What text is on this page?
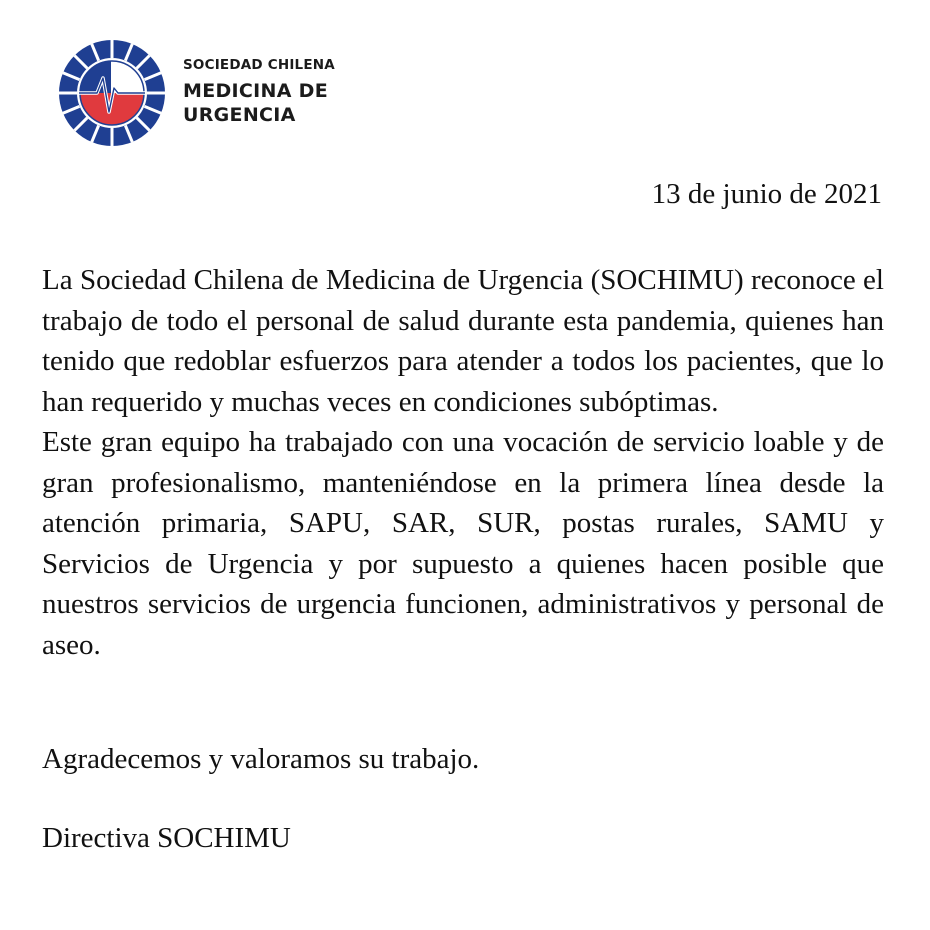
SOCIEDAD CHILENA
MEDICINA DE
URGENCIA
13 de junio de 2021

La Sociedad Chilena de Medicina de Urgencia (SOCHIMU) reconoce el trabajo de todo el personal de salud durante esta pandemia, quienes han tenido que redoblar esfuerzos para atender a todos los pacientes, que lo han requerido y muchas veces en condiciones subóptimas.

Este gran equipo ha trabajado con una vocación de servicio loable y de gran profesionalismo, manteniéndose en la primera línea desde la atención primaria, SAPU, SAR, SUR, postas rurales, SAMU y Servicios de Urgencia y por supuesto a quienes hacen posible que nuestros servicios de urgencia funcionen, administrativos y personal de aseo.

Agradecemos y valoramos su trabajo.

Directiva SOCHIMU
